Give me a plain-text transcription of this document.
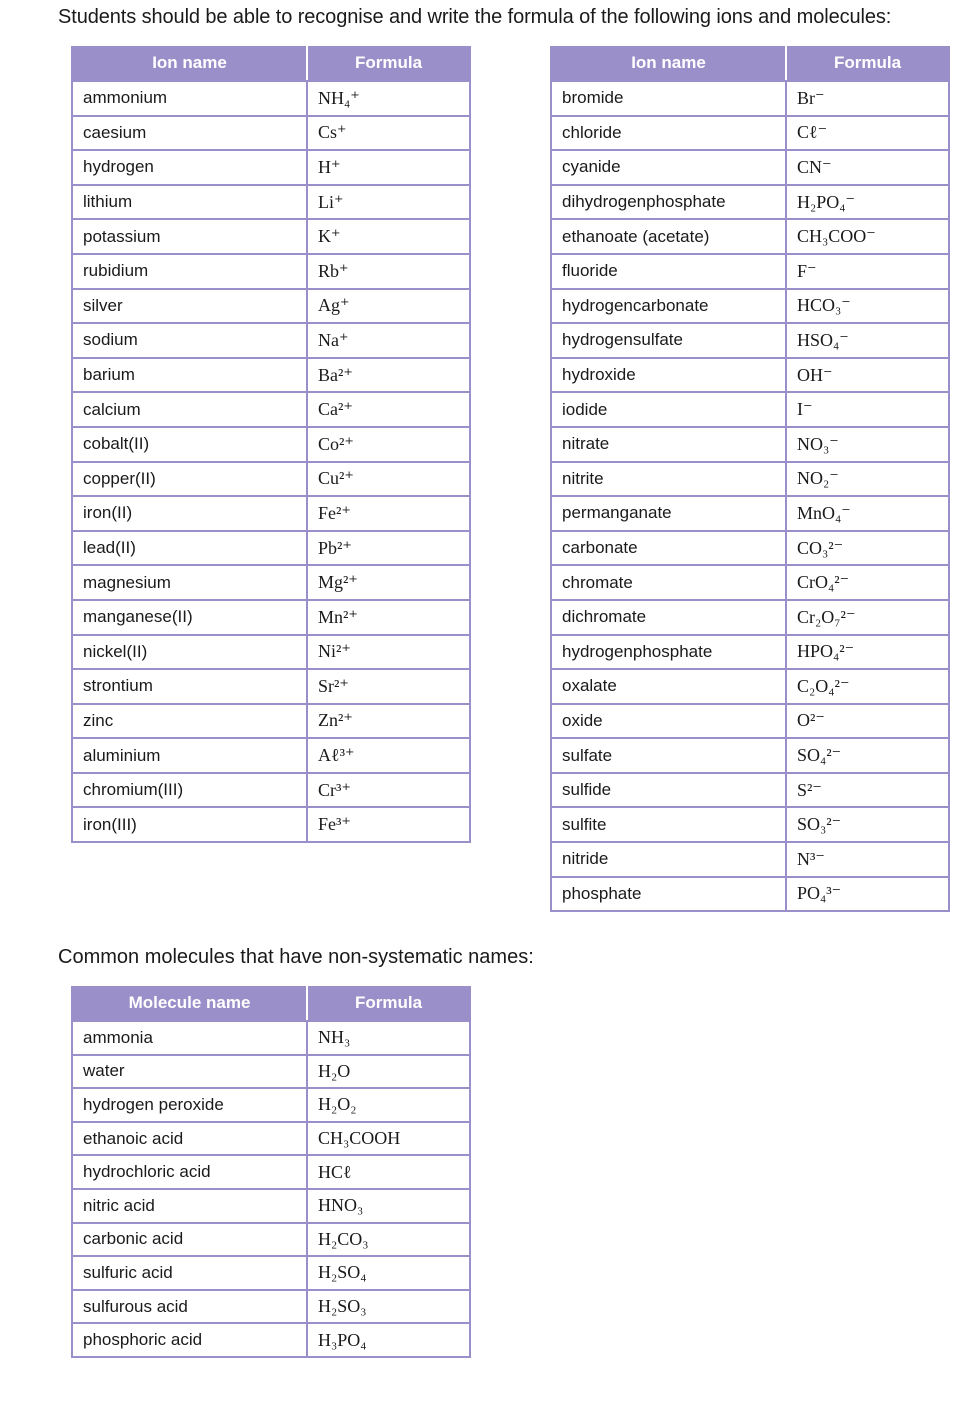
Students should be able to recognise and write the formula of the following ions and molecules:
Ion name	Formula
ammonium	NH₄⁺
caesium	Cs⁺
hydrogen	H⁺
lithium	Li⁺
potassium	K⁺
rubidium	Rb⁺
silver	Ag⁺
sodium	Na⁺
barium	Ba²⁺
calcium	Ca²⁺
cobalt(II)	Co²⁺
copper(II)	Cu²⁺
iron(II)	Fe²⁺
lead(II)	Pb²⁺
magnesium	Mg²⁺
manganese(II)	Mn²⁺
nickel(II)	Ni²⁺
strontium	Sr²⁺
zinc	Zn²⁺
aluminium	Aℓ³⁺
chromium(III)	Cr³⁺
iron(III)	Fe³⁺
Ion name	Formula
bromide	Br⁻
chloride	Cℓ⁻
cyanide	CN⁻
dihydrogenphosphate	H₂PO₄⁻
ethanoate (acetate)	CH₃COO⁻
fluoride	F⁻
hydrogencarbonate	HCO₃⁻
hydrogensulfate	HSO₄⁻
hydroxide	OH⁻
iodide	I⁻
nitrate	NO₃⁻
nitrite	NO₂⁻
permanganate	MnO₄⁻
carbonate	CO₃²⁻
chromate	CrO₄²⁻
dichromate	Cr₂O₇²⁻
hydrogenphosphate	HPO₄²⁻
oxalate	C₂O₄²⁻
oxide	O²⁻
sulfate	SO₄²⁻
sulfide	S²⁻
sulfite	SO₃²⁻
nitride	N³⁻
phosphate	PO₄³⁻
Common molecules that have non-systematic names:
Molecule name	Formula
ammonia	NH₃
water	H₂O
hydrogen peroxide	H₂O₂
ethanoic acid	CH₃COOH
hydrochloric acid	HCℓ
nitric acid	HNO₃
carbonic acid	H₂CO₃
sulfuric acid	H₂SO₄
sulfurous acid	H₂SO₃
phosphoric acid	H₃PO₄
